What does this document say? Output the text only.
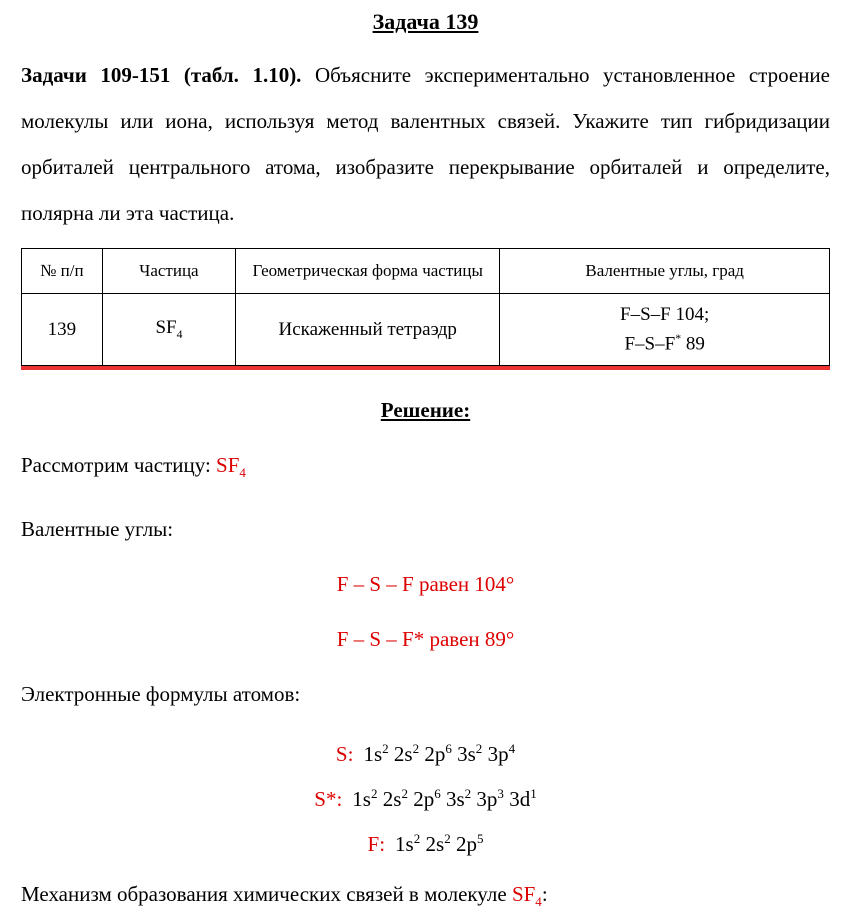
Задача 139

Задачи 109-151 (табл. 1.10). Объясните экспериментально установленное строение молекулы или иона, используя метод валентных связей. Укажите тип гибридизации орбиталей центрального атома, изобразите перекрывание орбиталей и определите, полярна ли эта частица.

№ п/п	Частица	Геометрическая форма частицы	Валентные углы, град
139	$SF_4$	Искаженный тетраэдр	F–S–F 104;
F–S–F* 89

Решение:

Рассмотрим частицу: $SF_4$

Валентные углы:

F – S – F равен 104°

F – S – F* равен 89°

Электронные формулы атомов:

S: $1s^2$ $2s^2$ $2p^6$ $3s^2$ $3p^4$

S*: $1s^2$ $2s^2$ $2p^6$ $3s^2$ $3p^3$ $3d^1$

F: $1s^2$ $2s^2$ $2p^5$

Механизм образования химических связей в молекуле $SF_4$:
